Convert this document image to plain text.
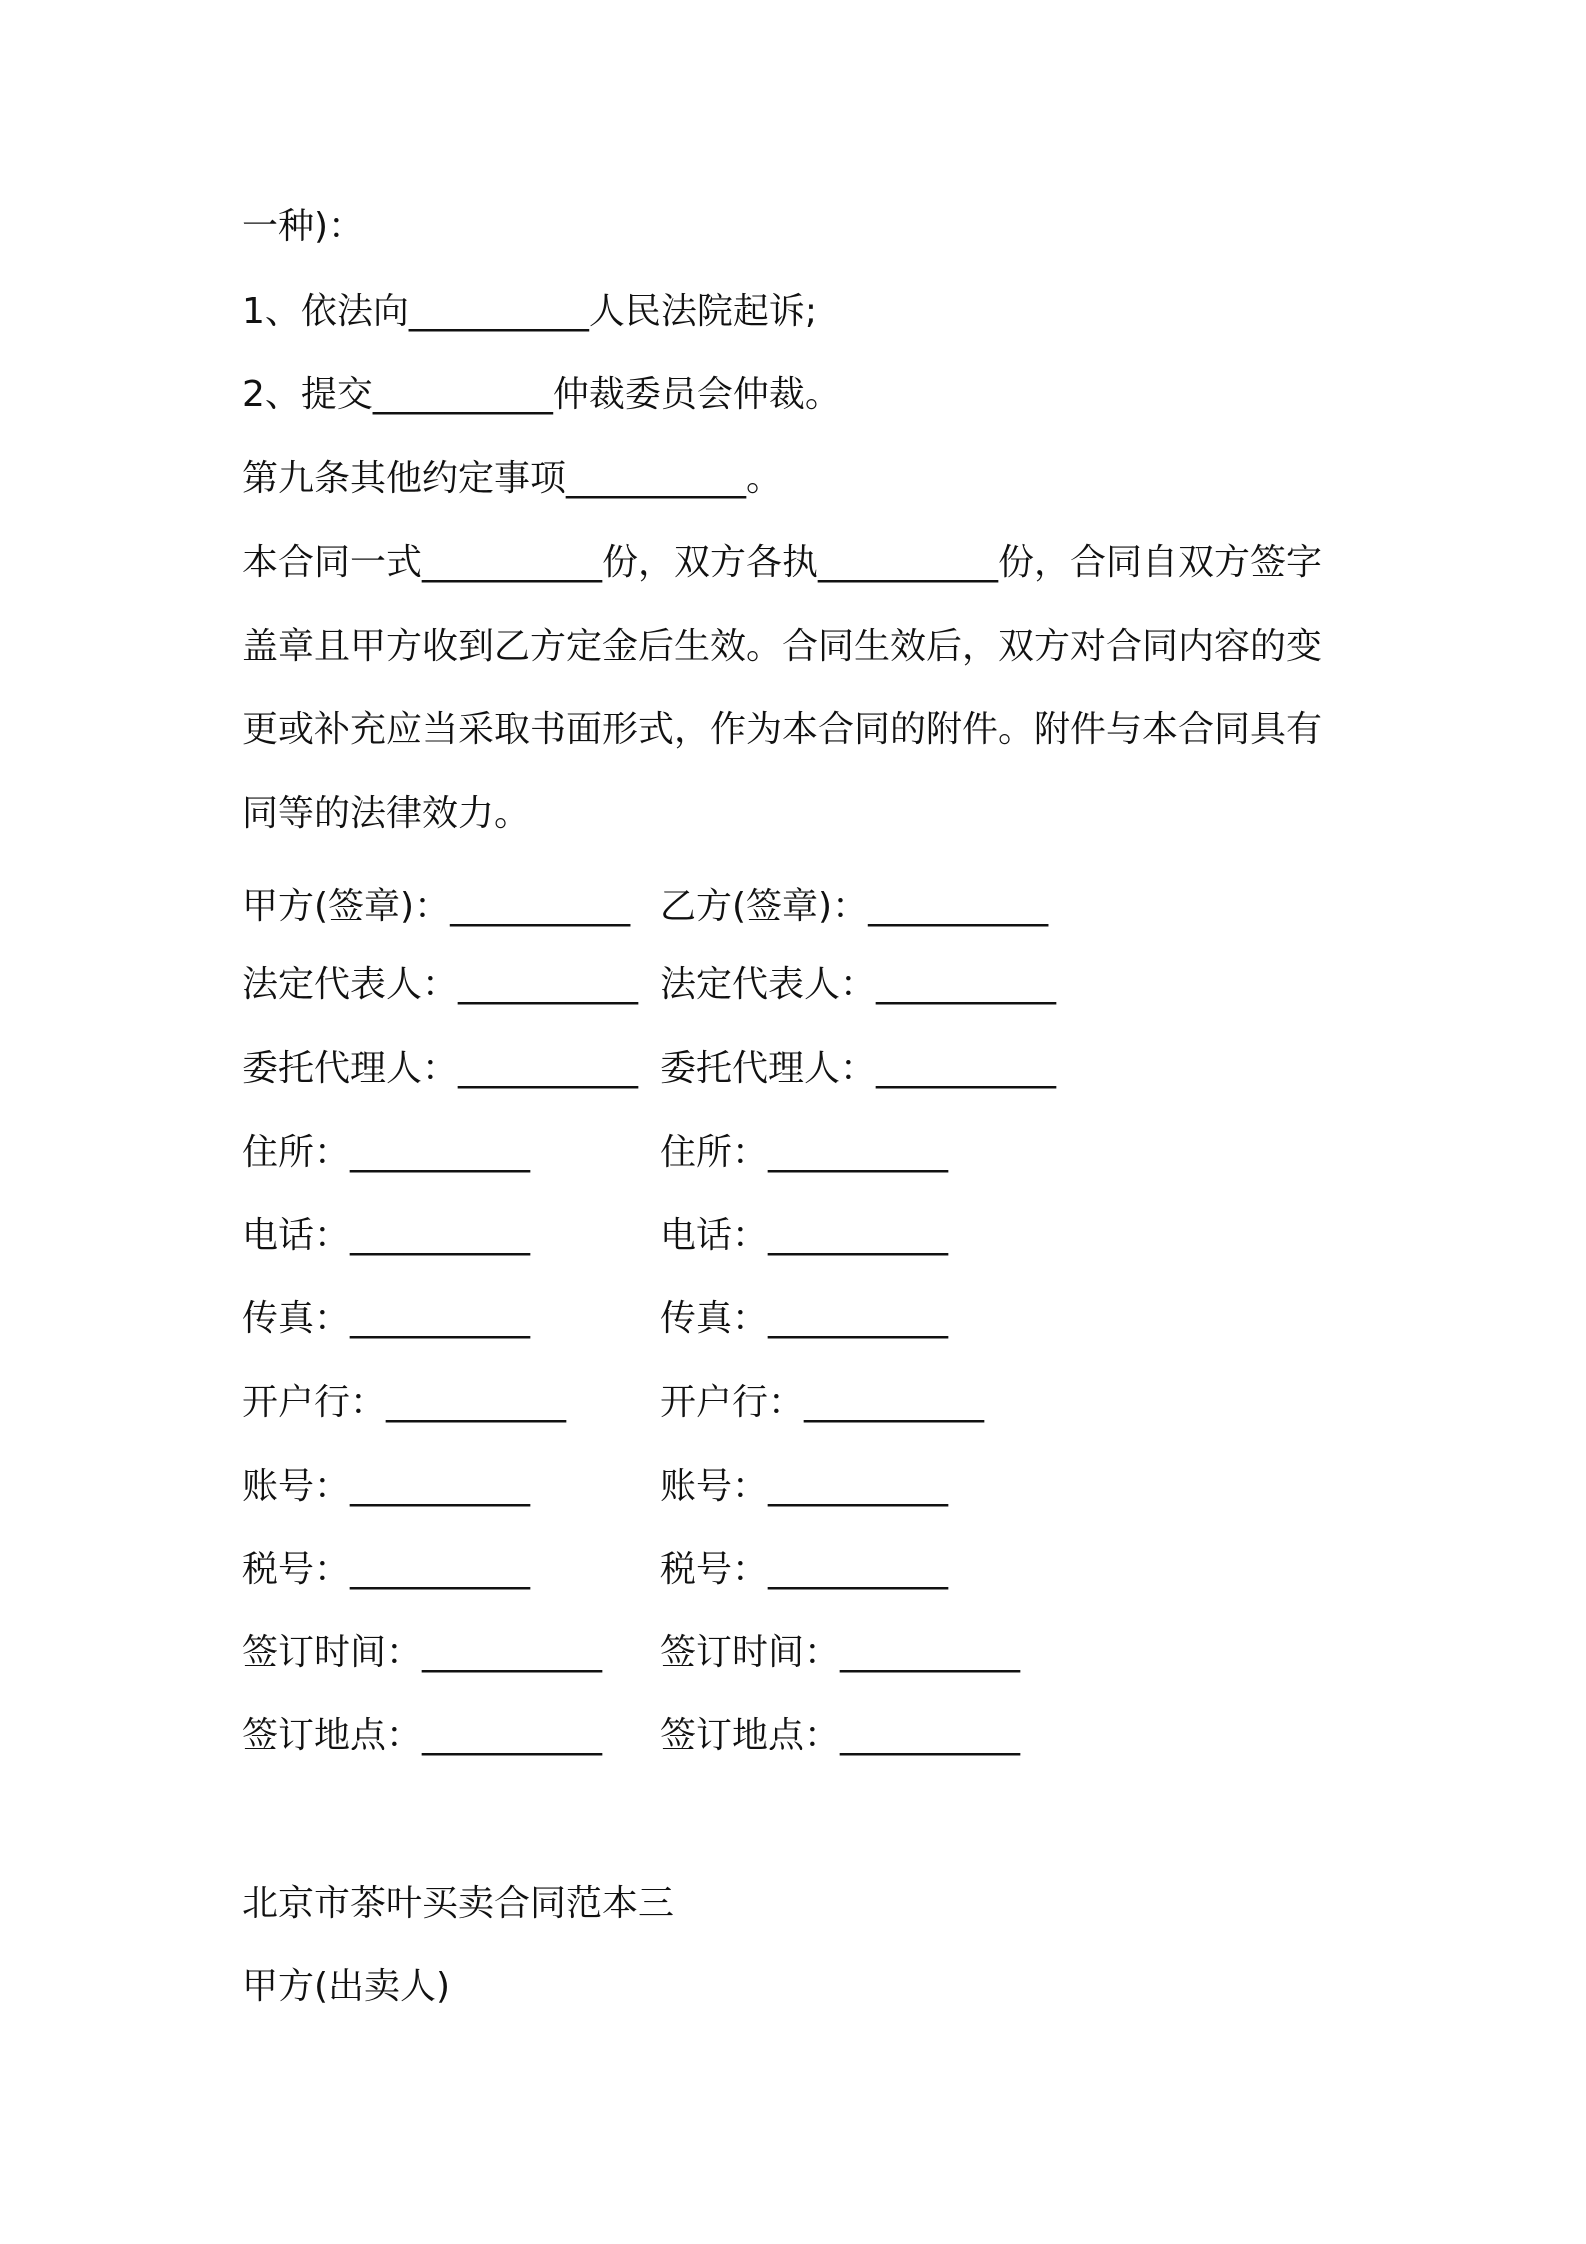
一种)：
1、依法向__________人民法院起诉;
2、提交__________仲裁委员会仲裁。
第九条其他约定事项__________。
本合同一式__________份，双方各执__________份，合同自双方签字
盖章且甲方收到乙方定金后生效。合同生效后，双方对合同内容的变
更或补充应当采取书面形式，作为本合同的附件。附件与本合同具有
同等的法律效力。
甲方(签章)：__________ 乙方(签章)：__________
法定代表人：__________ 法定代表人：__________
委托代理人：__________ 委托代理人：__________
住所：__________	住所：__________
电话：__________	电话：__________
传真：__________	传真：__________
开户行：__________	开户行：__________
账号：__________	账号：__________
税号：__________	税号：__________
签订时间：__________ 签订时间：__________
签订地点：__________ 签订地点：__________
北京市茶叶买卖合同范本三
甲方(出卖人)
